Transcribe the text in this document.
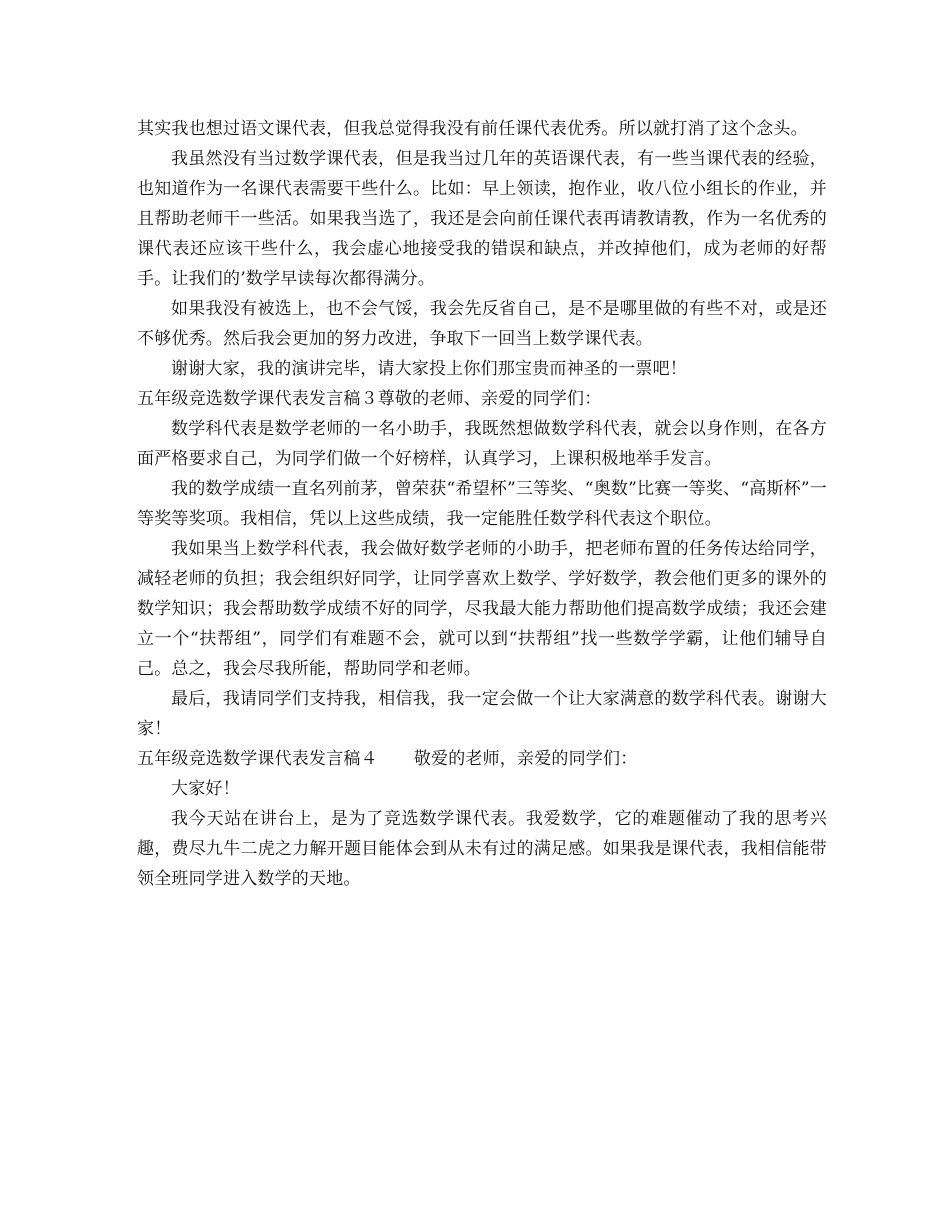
其实我也想过语文课代表，但我总觉得我没有前任课代表优秀。所以就打消了这个念头。

我虽然没有当过数学课代表，但是我当过几年的英语课代表，有一些当课代表的经验，也知道作为一名课代表需要干些什么。比如：早上领读，抱作业，收八位小组长的作业，并且帮助老师干一些活。如果我当选了，我还是会向前任课代表再请教请教，作为一名优秀的课代表还应该干些什么，我会虚心地接受我的错误和缺点，并改掉他们，成为老师的好帮手。让我们的’数学早读每次都得满分。

如果我没有被选上，也不会气馁，我会先反省自己，是不是哪里做的有些不对，或是还不够优秀。然后我会更加的努力改进，争取下一回当上数学课代表。

谢谢大家，我的演讲完毕，请大家投上你们那宝贵而神圣的一票吧！

五年级竞选数学课代表发言稿３尊敬的老师、亲爱的同学们：

数学科代表是数学老师的一名小助手，我既然想做数学科代表，就会以身作则，在各方面严格要求自己，为同学们做一个好榜样，认真学习，上课积极地举手发言。

我的数学成绩一直名列前茅，曾荣获“希望杯”三等奖、“奥数”比赛一等奖、“高斯杯”一等奖等奖项。我相信，凭以上这些成绩，我一定能胜任数学科代表这个职位。

我如果当上数学科代表，我会做好数学老师的小助手，把老师布置的任务传达给同学，减轻老师的负担；我会组织好同学，让同学喜欢上数学、学好数学，教会他们更多的课外的数学知识；我会帮助数学成绩不好的同学，尽我最大能力帮助他们提高数学成绩；我还会建立一个“扶帮组”，同学们有难题不会，就可以到“扶帮组”找一些数学学霸，让他们辅导自己。总之，我会尽我所能，帮助同学和老师。

最后，我请同学们支持我，相信我，我一定会做一个让大家满意的数学科代表。谢谢大家！

五年级竞选数学课代表发言稿４ 敬爱的老师，亲爱的同学们：

大家好！

我今天站在讲台上，是为了竞选数学课代表。我爱数学，它的难题催动了我的思考兴趣，费尽九牛二虎之力解开题目能体会到从未有过的满足感。如果我是课代表，我相信能带领全班同学进入数学的天地。
